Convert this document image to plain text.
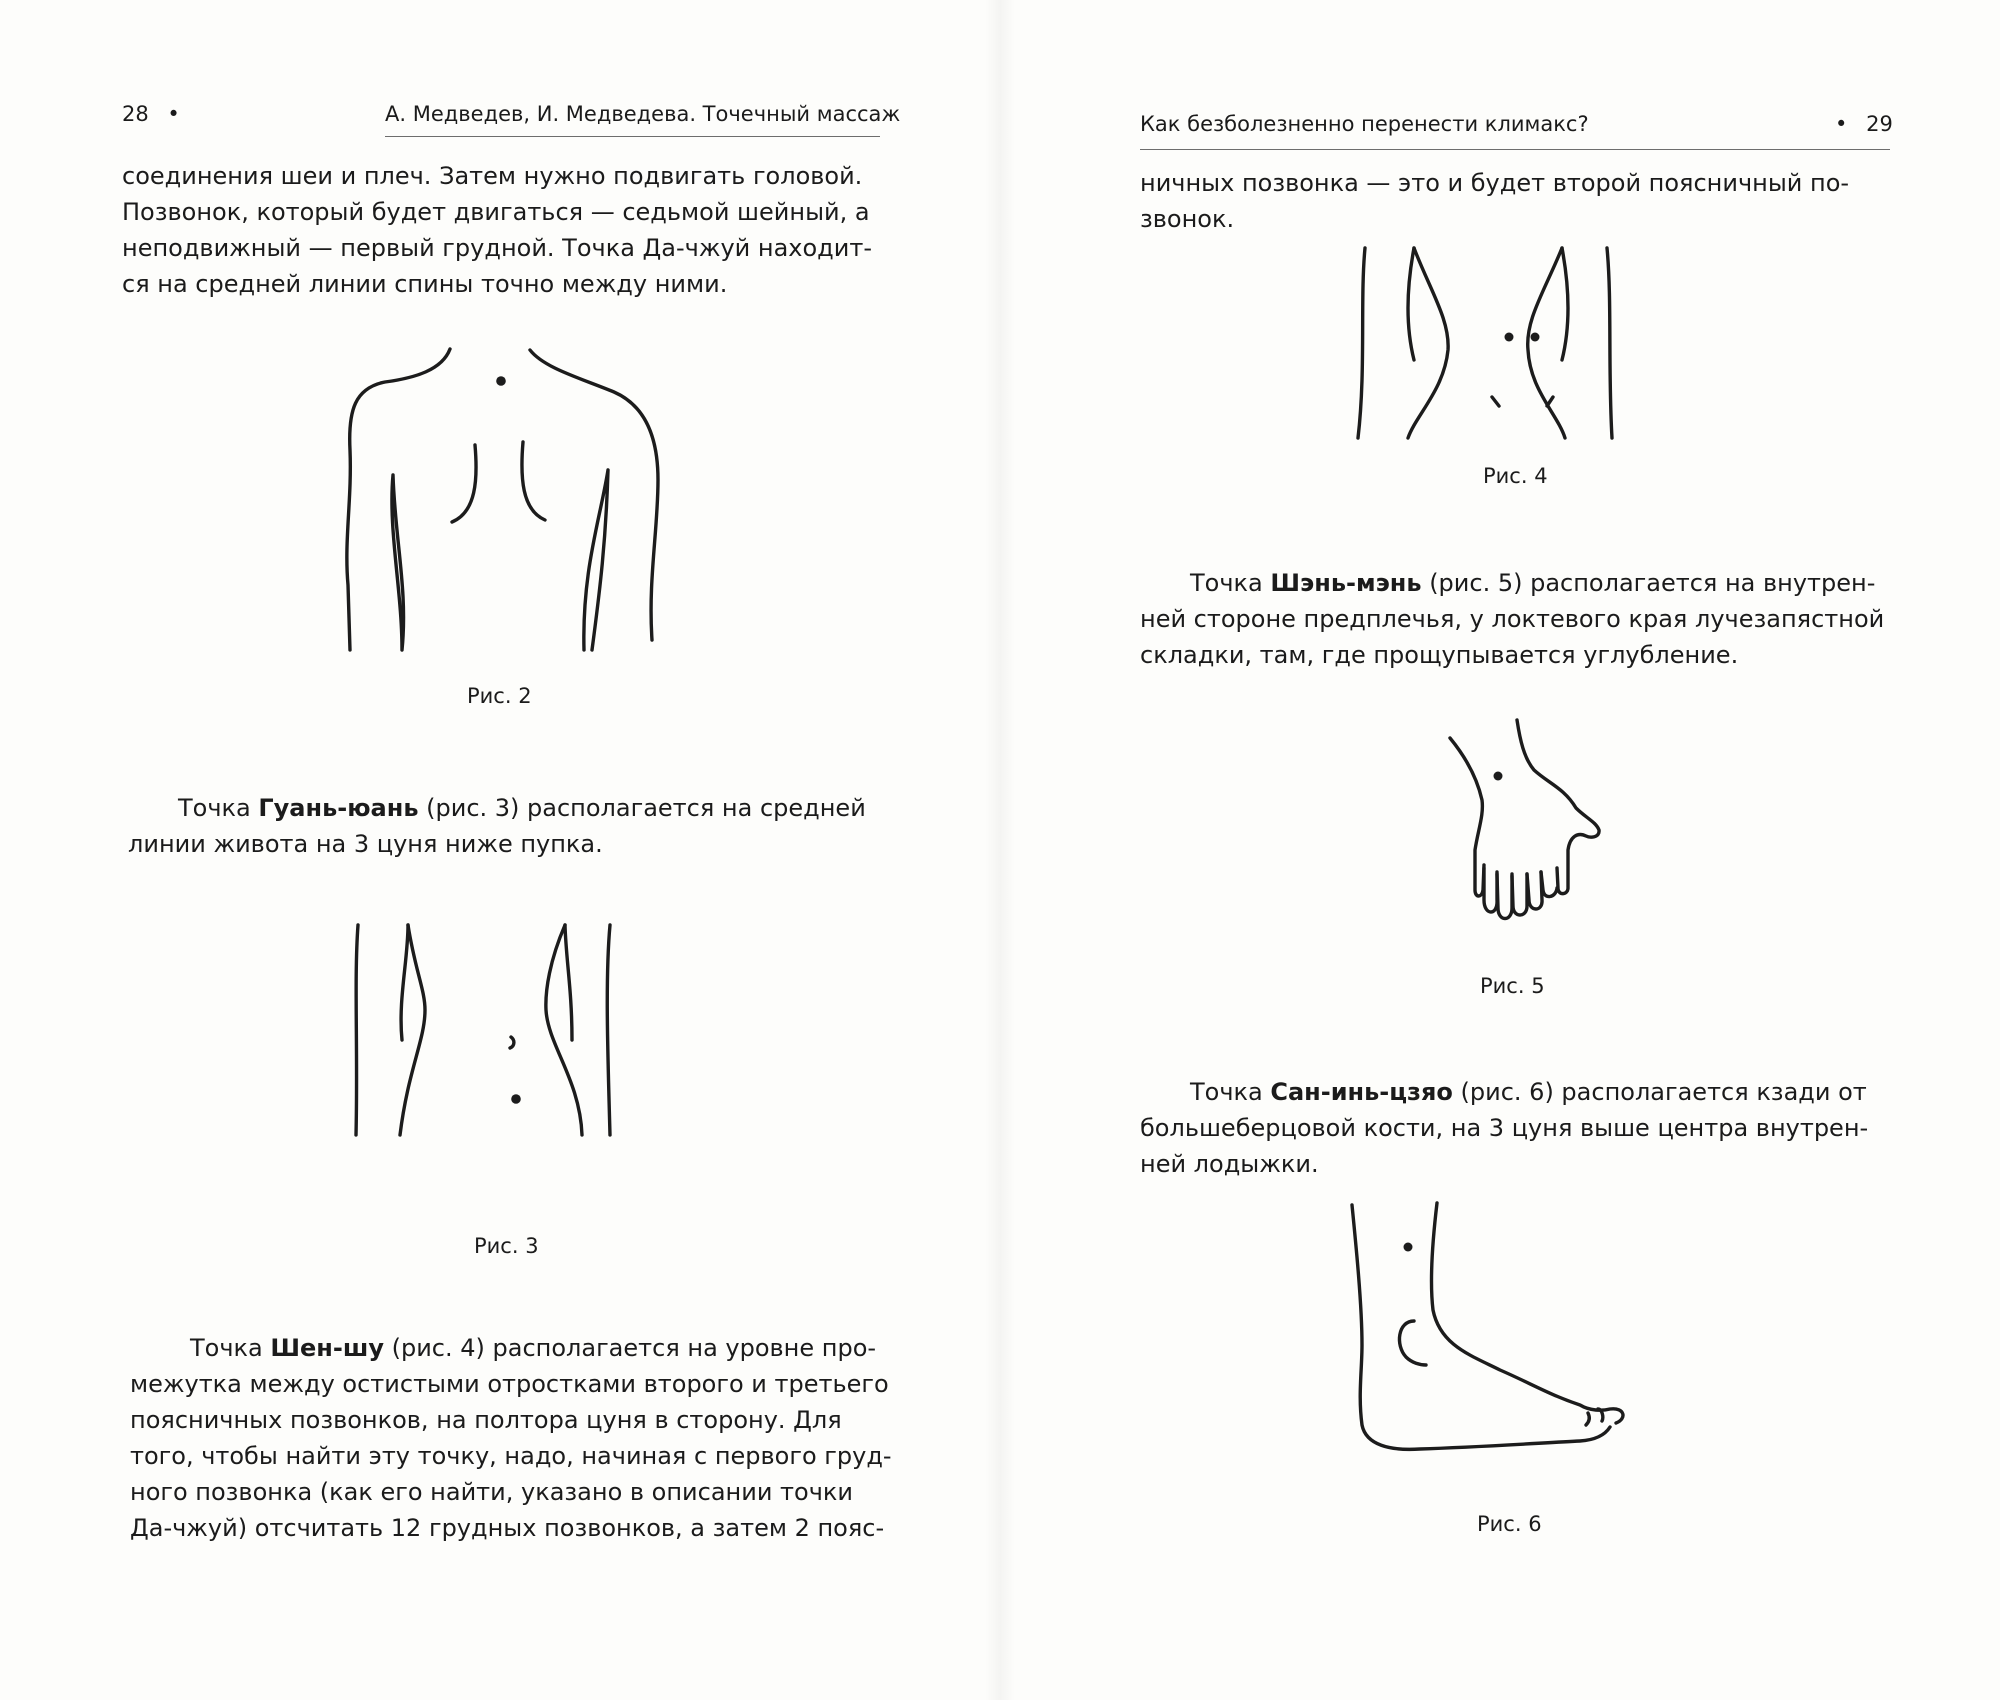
28 •	А. Медведев, И. Медведева. Точечный массаж
соединения шеи и плеч. Затем нужно подвигать головой.
Позвонок, который будет двигаться — седьмой шейный, а
неподвижный — первый грудной. Точка Да-чжуй находит-
ся на средней линии спины точно между ними.
Рис. 2
Точка Гуань-юань (рис. 3) располагается на средней
линии живота на 3 цуня ниже пупка.
Рис. 3
Точка Шен-шу (рис. 4) располагается на уровне про-
межутка между остистыми отростками второго и третьего
поясничных позвонков, на полтора цуня в сторону. Для
того, чтобы найти эту точку, надо, начиная с первого груд-
ного позвонка (как его найти, указано в описании точки
Да-чжуй) отсчитать 12 грудных позвонков, а затем 2 пояс-
Как безболезненно перенести климакс?	• 29
ничных позвонка — это и будет второй поясничный по-
звонок.
Рис. 4
Точка Шэнь-мэнь (рис. 5) располагается на внутрен-
ней стороне предплечья, у локтевого края лучезапястной
складки, там, где прощупывается углубление.
Рис. 5
Точка Сан-инь-цзяо (рис. 6) располагается кзади от
большеберцовой кости, на 3 цуня выше центра внутрен-
ней лодыжки.
Рис. 6
